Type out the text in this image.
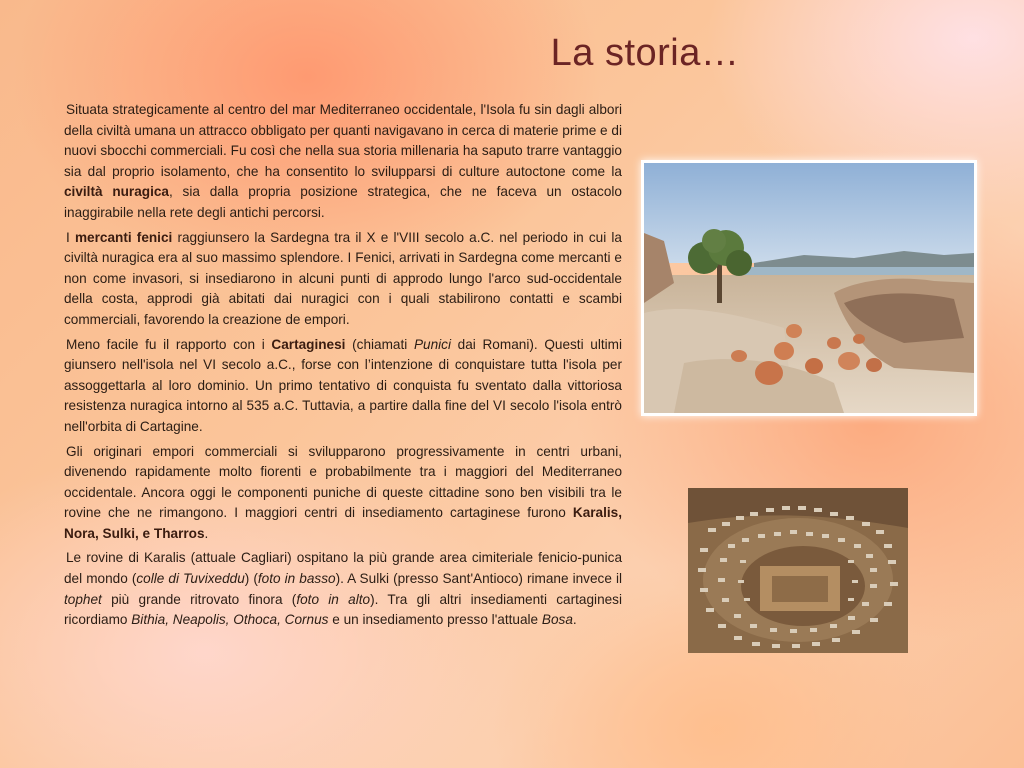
La storia…

Situata strategicamente al centro del mar Mediterraneo occidentale, l'Isola fu sin dagli albori della civiltà umana un attracco obbligato per quanti navigavano in cerca di materie prime e di nuovi sbocchi commerciali. Fu così che nella sua storia millenaria ha saputo trarre vantaggio sia dal proprio isolamento, che ha consentito lo svilupparsi di culture autoctone come la civiltà nuragica, sia dalla propria posizione strategica, che ne faceva un ostacolo inaggirabile nella rete degli antichi percorsi.

I mercanti fenici raggiunsero la Sardegna tra il X e l'VIII secolo a.C. nel periodo in cui la civiltà nuragica era al suo massimo splendore. I Fenici, arrivati in Sardegna come mercanti e non come invasori, si insediarono in alcuni punti di approdo lungo l'arco sud-occidentale della costa, approdi già abitati dai nuragici con i quali stabilirono contatti e scambi commerciali, favorendo la creazione de empori.

Meno facile fu il rapporto con i Cartaginesi (chiamati Punici dai Romani). Questi ultimi giunsero nell'isola nel VI secolo a.C., forse con l’intenzione di conquistare tutta l'isola per assoggettarla al loro dominio. Un primo tentativo di conquista fu sventato dalla vittoriosa resistenza nuragica intorno al 535 a.C. Tuttavia, a partire dalla fine del VI secolo l'isola entrò nell'orbita di Cartagine.

Gli originari empori commerciali si svilupparono progressivamente in centri urbani, divenendo rapidamente molto fiorenti e probabilmente tra i maggiori del Mediterraneo occidentale. Ancora oggi le componenti puniche di queste cittadine sono ben visibili tra le rovine che ne rimangono. I maggiori centri di insediamento cartaginese furono Karalis, Nora, Sulki, e Tharros.

Le rovine di Karalis (attuale Cagliari) ospitano la più grande area cimiteriale fenicio-punica del mondo (colle di Tuvixeddu) (foto in basso). A Sulki (presso Sant'Antioco) rimane invece il tophet più grande ritrovato finora (foto in alto). Tra gli altri insediamenti cartaginesi ricordiamo Bithia, Neapolis, Othoca, Cornus e un insediamento presso l'attuale Bosa.
